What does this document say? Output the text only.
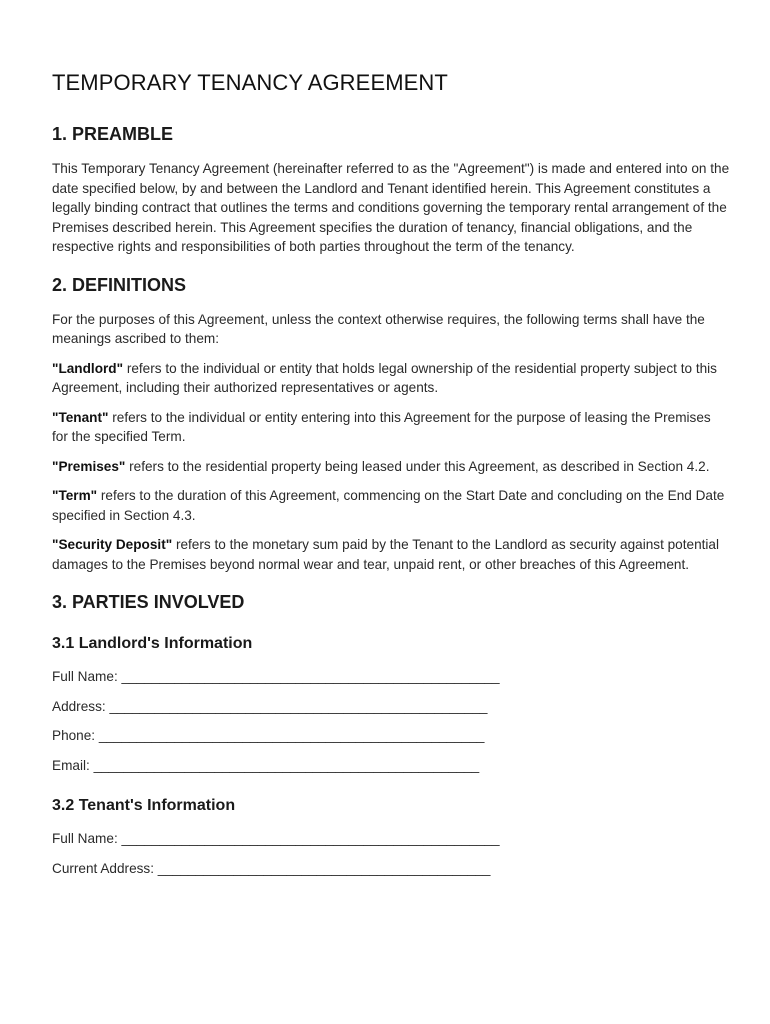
TEMPORARY TENANCY AGREEMENT
1. PREAMBLE

This Temporary Tenancy Agreement (hereinafter referred to as the "Agreement") is made and entered into on the date specified below, by and between the Landlord and Tenant identified herein. This Agreement constitutes a legally binding contract that outlines the terms and conditions governing the temporary rental arrangement of the Premises described herein. This Agreement specifies the duration of tenancy, financial obligations, and the respective rights and responsibilities of both parties throughout the term of the tenancy.

2. DEFINITIONS

For the purposes of this Agreement, unless the context otherwise requires, the following terms shall have the meanings ascribed to them:

"Landlord" refers to the individual or entity that holds legal ownership of the residential property subject to this Agreement, including their authorized representatives or agents.

"Tenant" refers to the individual or entity entering into this Agreement for the purpose of leasing the Premises for the specified Term.

"Premises" refers to the residential property being leased under this Agreement, as described in Section 4.2.

"Term" refers to the duration of this Agreement, commencing on the Start Date and concluding on the End Date specified in Section 4.3.

"Security Deposit" refers to the monetary sum paid by the Tenant to the Landlord as security against potential damages to the Premises beyond normal wear and tear, unpaid rent, or other breaches of this Agreement.

3. PARTIES INVOLVED
3.1 Landlord's Information
Full Name: __________________________________________________
Address: __________________________________________________
Phone: ___________________________________________________
Email: ___________________________________________________
3.2 Tenant's Information
Full Name: __________________________________________________
Current Address: ____________________________________________
